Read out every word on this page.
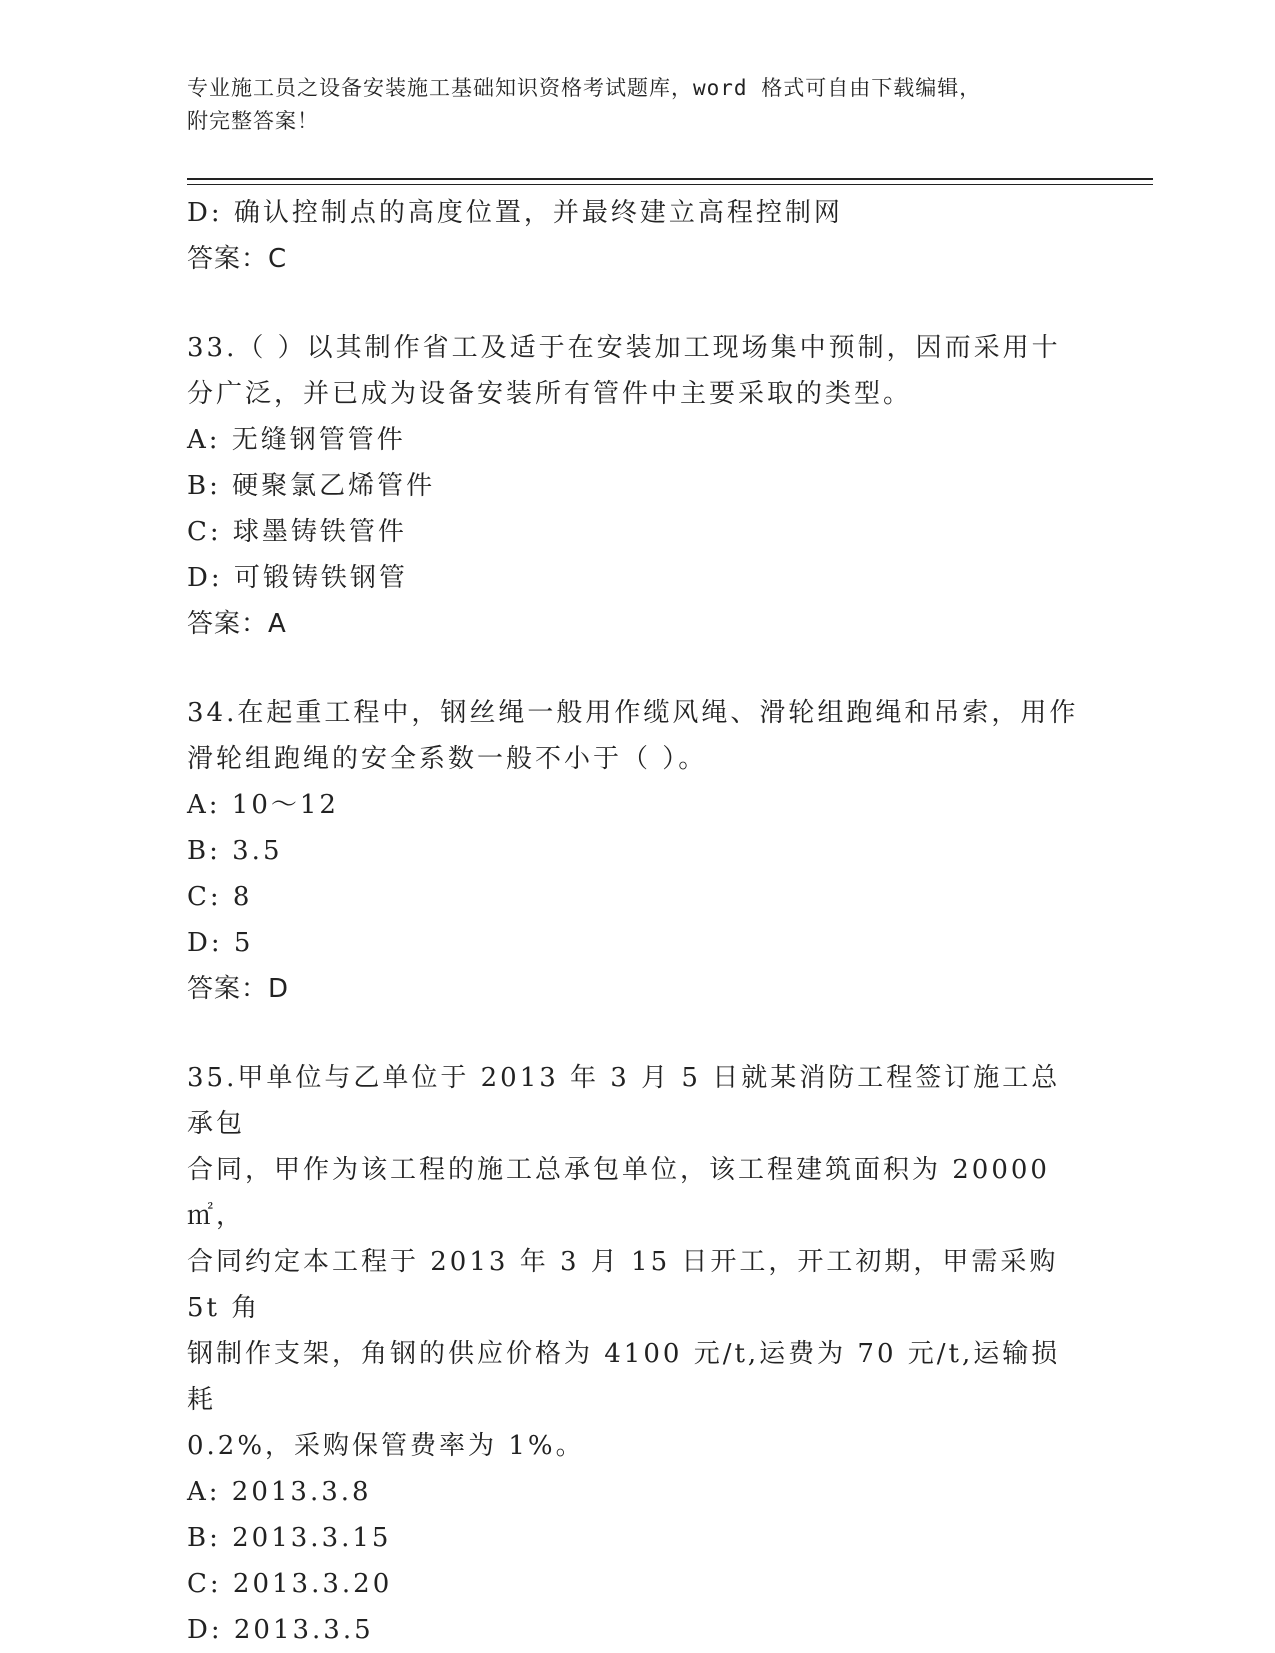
专业施工员之设备安装施工基础知识资格考试题库，word 格式可自由下载编辑，
附完整答案！
D: 确认控制点的高度位置，并最终建立高程控制网
答案：C
33.（ ）以其制作省工及适于在安装加工现场集中预制，因而采用十
分广泛，并已成为设备安装所有管件中主要采取的类型。
A: 无缝钢管管件
B: 硬聚氯乙烯管件
C: 球墨铸铁管件
D: 可锻铸铁钢管
答案：A
34.在起重工程中，钢丝绳一般用作缆风绳、滑轮组跑绳和吊索，用作
滑轮组跑绳的安全系数一般不小于（ ）。
A: 10～12
B: 3.5
C: 8
D: 5
答案：D
35.甲单位与乙单位于 2013 年 3 月 5 日就某消防工程签订施工总承包
合同，甲作为该工程的施工总承包单位，该工程建筑面积为 20000㎡，
合同约定本工程于 2013 年 3 月 15 日开工，开工初期，甲需采购 5t 角
钢制作支架，角钢的供应价格为 4100 元/t,运费为 70 元/t,运输损耗
0.2%，采购保管费率为 1%。
A: 2013.3.8
B: 2013.3.15
C: 2013.3.20
D: 2013.3.5
